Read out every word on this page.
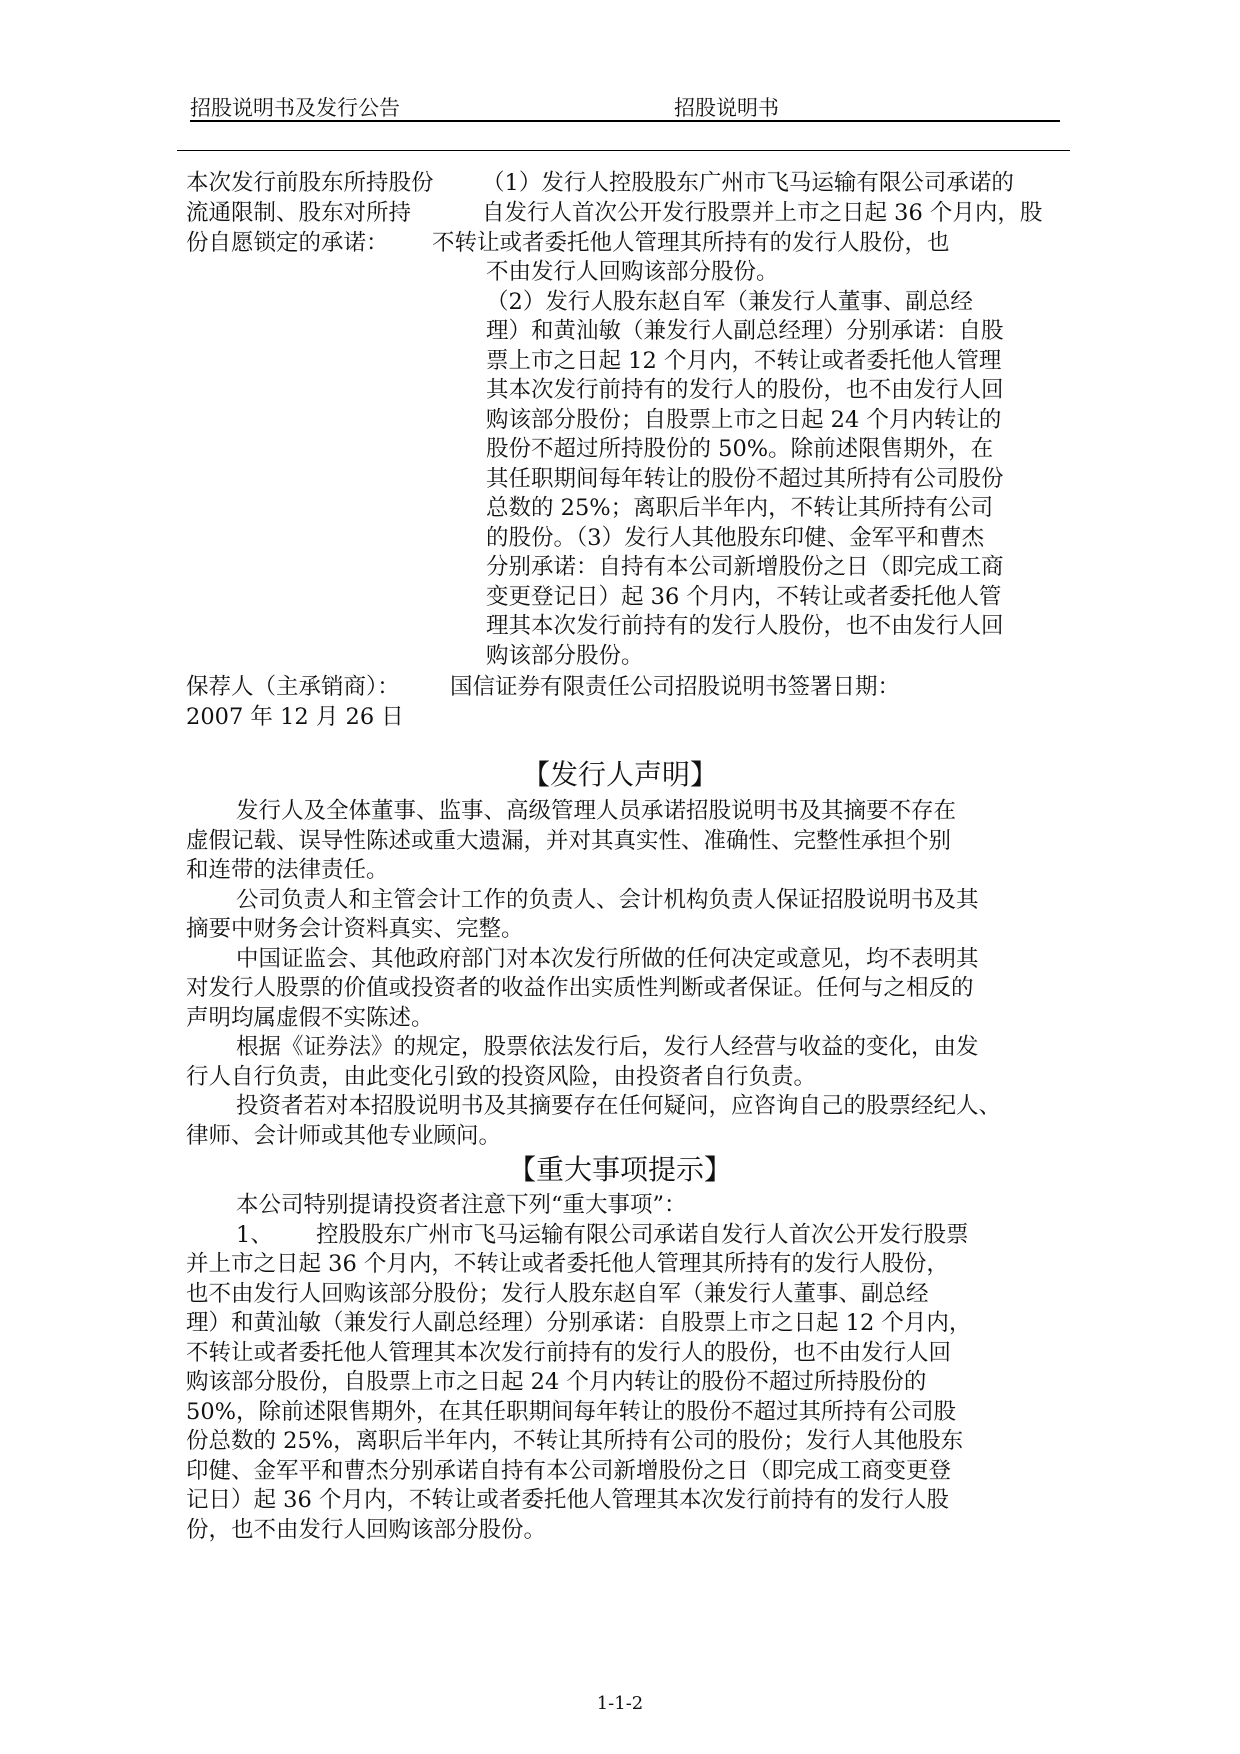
招股说明书及发行公告	招股说明书
本次发行前股东所持股份
流通限制、股东对所持
份自愿锁定的承诺：
（1）发行人控股股东广州市飞马运输有限公司承诺的
自发行人首次公开发行股票并上市之日起 36 个月内，股
不转让或者委托他人管理其所持有的发行人股份，也
不由发行人回购该部分股份。
（2）发行人股东赵自军（兼发行人董事、副总经
理）和黄汕敏（兼发行人副总经理）分别承诺：自股
票上市之日起 12 个月内，不转让或者委托他人管理
其本次发行前持有的发行人的股份，也不由发行人回
购该部分股份；自股票上市之日起 24 个月内转让的
股份不超过所持股份的 50%。除前述限售期外，在
其任职期间每年转让的股份不超过其所持有公司股份
总数的 25%；离职后半年内，不转让其所持有公司
的股份。（3）发行人其他股东印健、金军平和曹杰
分别承诺：自持有本公司新增股份之日（即完成工商
变更登记日）起 36 个月内，不转让或者委托他人管
理其本次发行前持有的发行人股份，也不由发行人回
购该部分股份。
保荐人（主承销商）： 国信证券有限责任公司招股说明书签署日期：
2007 年 12 月 26 日
【发行人声明】
发行人及全体董事、监事、高级管理人员承诺招股说明书及其摘要不存在
虚假记载、误导性陈述或重大遗漏，并对其真实性、准确性、完整性承担个别
和连带的法律责任。
公司负责人和主管会计工作的负责人、会计机构负责人保证招股说明书及其
摘要中财务会计资料真实、完整。
中国证监会、其他政府部门对本次发行所做的任何决定或意见，均不表明其
对发行人股票的价值或投资者的收益作出实质性判断或者保证。任何与之相反的
声明均属虚假不实陈述。
根据《证券法》的规定，股票依法发行后，发行人经营与收益的变化，由发
行人自行负责，由此变化引致的投资风险，由投资者自行负责。
投资者若对本招股说明书及其摘要存在任何疑问，应咨询自己的股票经纪人、
律师、会计师或其他专业顾问。
【重大事项提示】
本公司特别提请投资者注意下列“重大事项”：
1、 控股股东广州市飞马运输有限公司承诺自发行人首次公开发行股票
并上市之日起 36 个月内，不转让或者委托他人管理其所持有的发行人股份，
也不由发行人回购该部分股份；发行人股东赵自军（兼发行人董事、副总经
理）和黄汕敏（兼发行人副总经理）分别承诺：自股票上市之日起 12 个月内，
不转让或者委托他人管理其本次发行前持有的发行人的股份，也不由发行人回
购该部分股份，自股票上市之日起 24 个月内转让的股份不超过所持股份的
50%，除前述限售期外，在其任职期间每年转让的股份不超过其所持有公司股
份总数的 25%，离职后半年内，不转让其所持有公司的股份；发行人其他股东
印健、金军平和曹杰分别承诺自持有本公司新增股份之日（即完成工商变更登
记日）起 36 个月内，不转让或者委托他人管理其本次发行前持有的发行人股
份，也不由发行人回购该部分股份。
1-1-2
